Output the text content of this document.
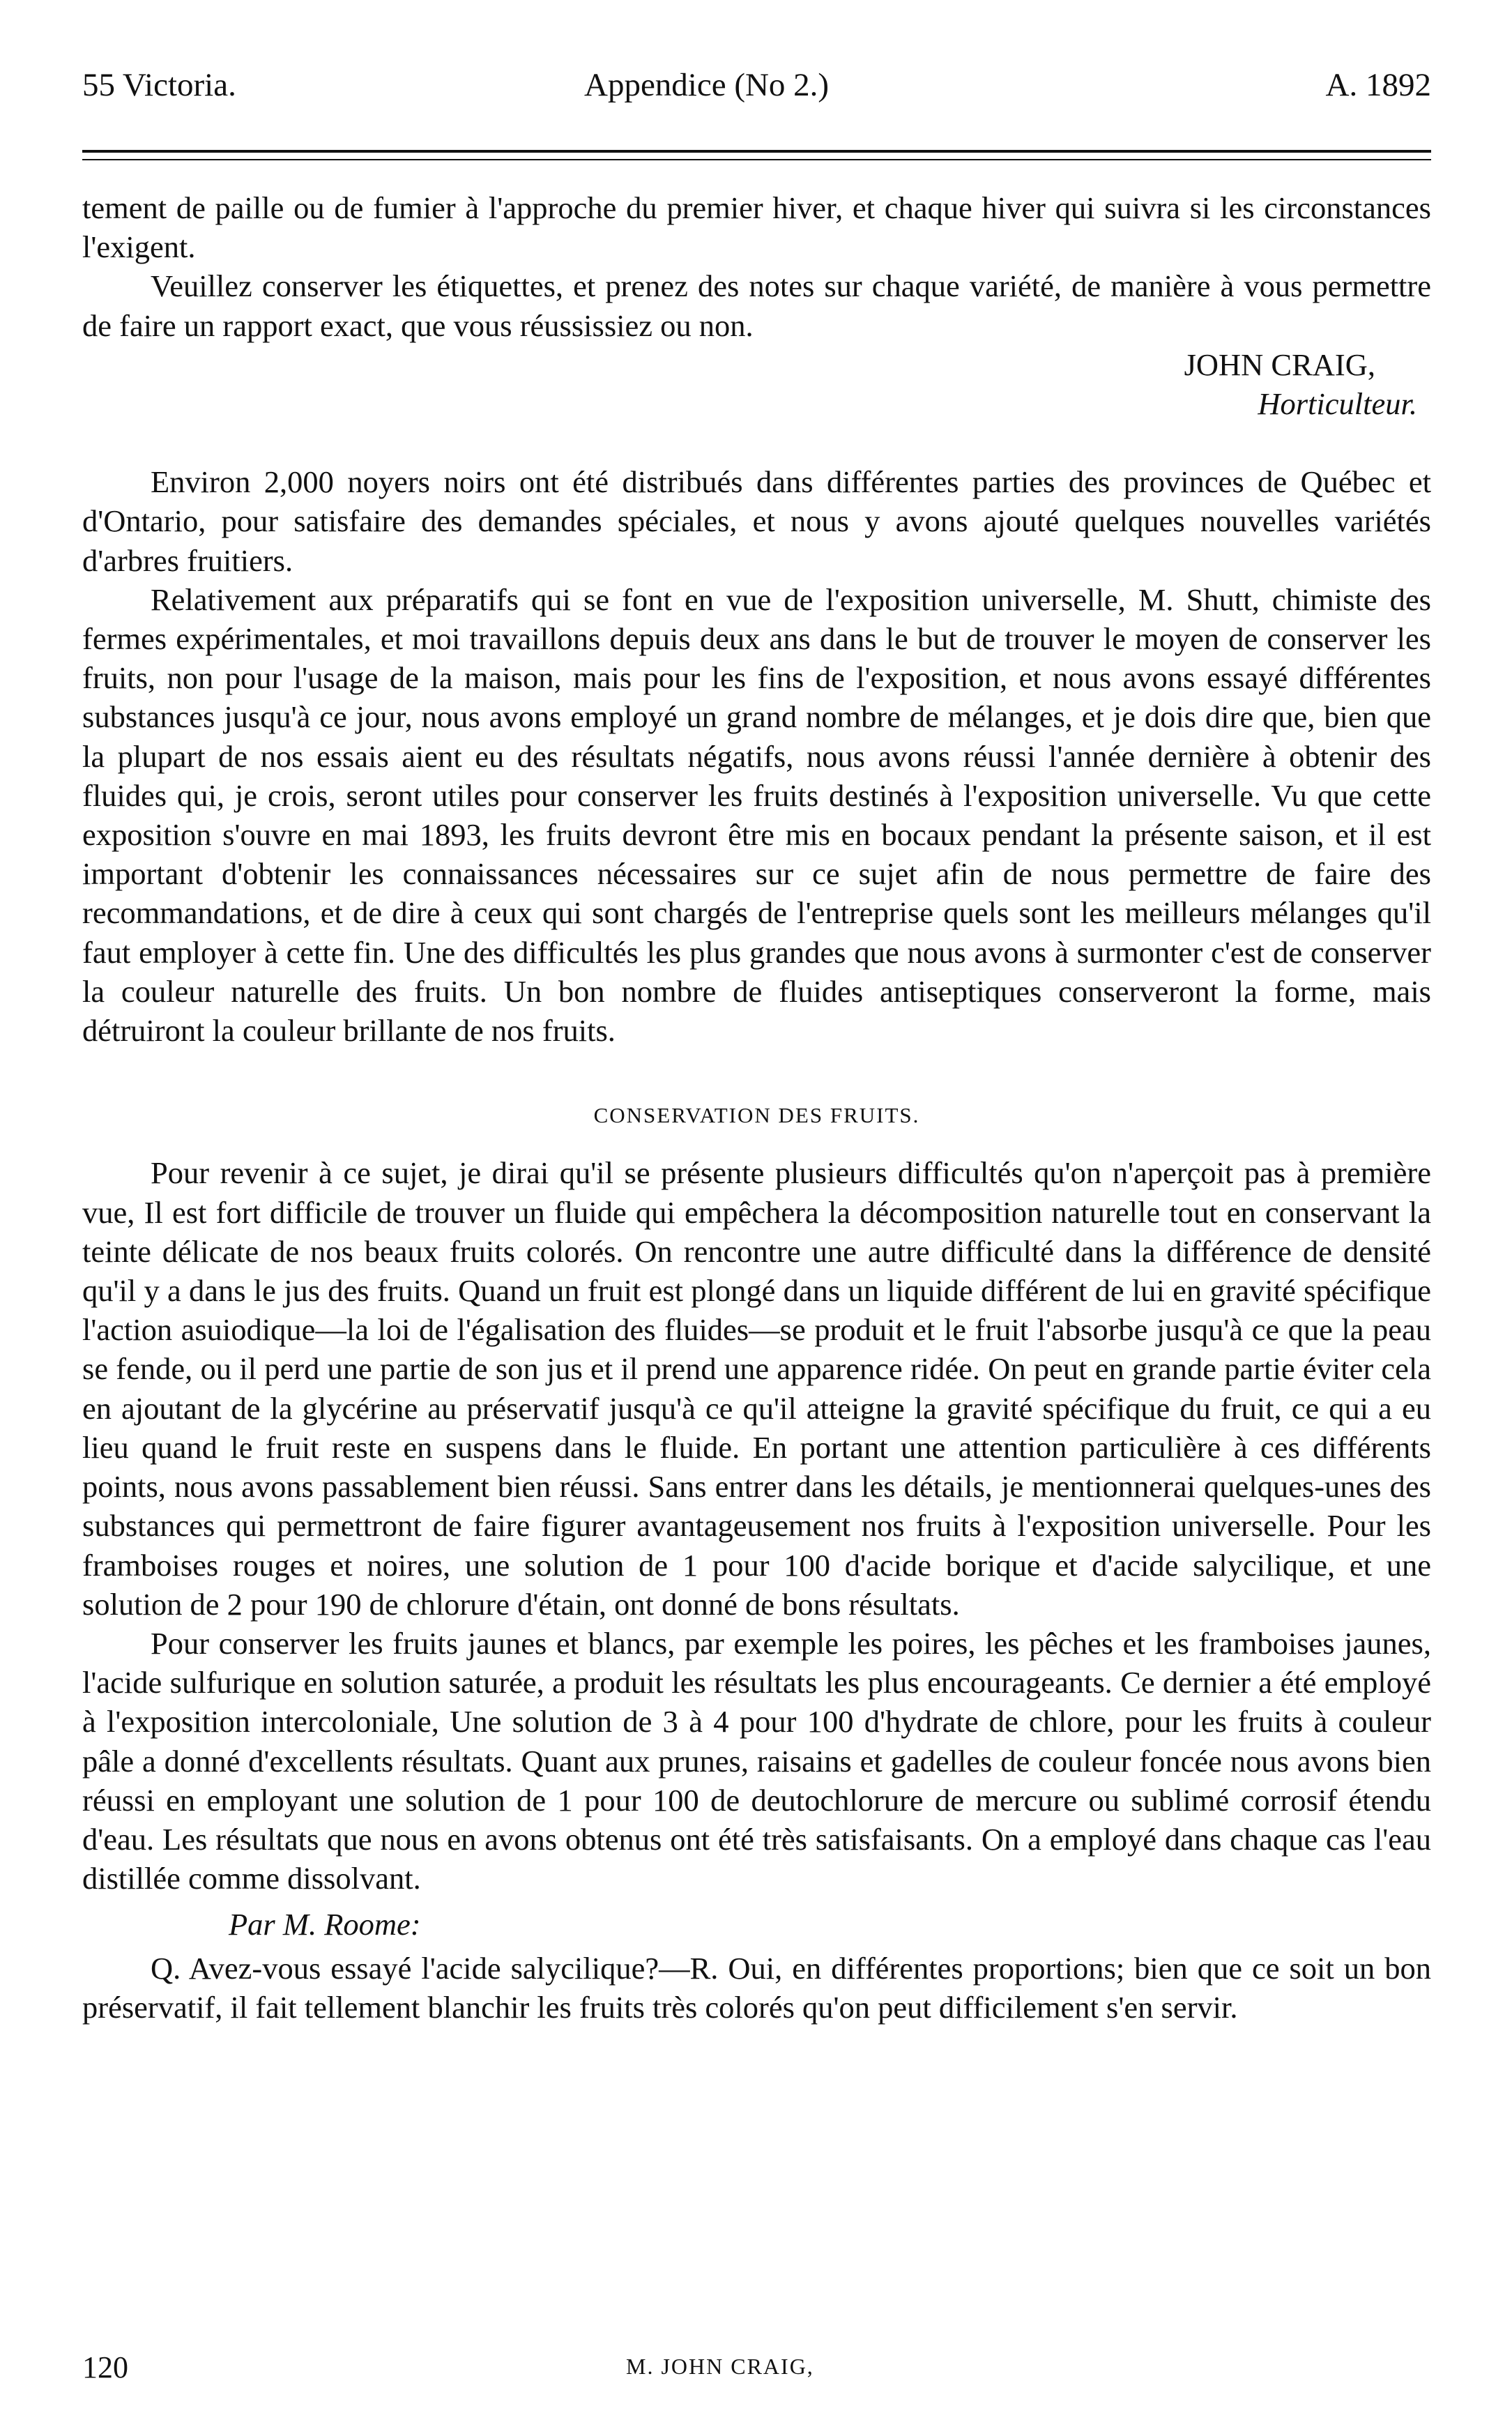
55 Victoria.	Appendice (No 2.)	A. 1892

tement de paille ou de fumier à l'approche du premier hiver, et chaque hiver qui suivra si les circonstances l'exigent.

Veuillez conserver les étiquettes, et prenez des notes sur chaque variété, de manière à vous permettre de faire un rapport exact, que vous réussissiez ou non.

JOHN CRAIG,

Horticulteur.

Environ 2,000 noyers noirs ont été distribués dans différentes parties des provinces de Québec et d'Ontario, pour satisfaire des demandes spéciales, et nous y avons ajouté quelques nouvelles variétés d'arbres fruitiers.

Relativement aux préparatifs qui se font en vue de l'exposition universelle, M. Shutt, chimiste des fermes expérimentales, et moi travaillons depuis deux ans dans le but de trouver le moyen de conserver les fruits, non pour l'usage de la maison, mais pour les fins de l'exposition, et nous avons essayé différentes substances jusqu'à ce jour, nous avons employé un grand nombre de mélanges, et je dois dire que, bien que la plupart de nos essais aient eu des résultats négatifs, nous avons réussi l'année dernière à obtenir des fluides qui, je crois, seront utiles pour conserver les fruits destinés à l'exposition universelle. Vu que cette exposition s'ouvre en mai 1893, les fruits devront être mis en bocaux pendant la présente saison, et il est important d'obtenir les connaissances nécessaires sur ce sujet afin de nous permettre de faire des recommandations, et de dire à ceux qui sont chargés de l'entreprise quels sont les meilleurs mélanges qu'il faut employer à cette fin. Une des difficultés les plus grandes que nous avons à surmonter c'est de conserver la couleur naturelle des fruits. Un bon nombre de fluides antiseptiques conserveront la forme, mais détruiront la couleur brillante de nos fruits.

CONSERVATION DES FRUITS.

Pour revenir à ce sujet, je dirai qu'il se présente plusieurs difficultés qu'on n'aperçoit pas à première vue, Il est fort difficile de trouver un fluide qui empêchera la décomposition naturelle tout en conservant la teinte délicate de nos beaux fruits colorés. On rencontre une autre difficulté dans la différence de densité qu'il y a dans le jus des fruits. Quand un fruit est plongé dans un liquide différent de lui en gravité spécifique l'action asuiodique—la loi de l'égalisation des fluides—se produit et le fruit l'absorbe jusqu'à ce que la peau se fende, ou il perd une partie de son jus et il prend une apparence ridée. On peut en grande partie éviter cela en ajoutant de la glycérine au préservatif jusqu'à ce qu'il atteigne la gravité spécifique du fruit, ce qui a eu lieu quand le fruit reste en suspens dans le fluide. En portant une attention particulière à ces différents points, nous avons passablement bien réussi. Sans entrer dans les détails, je mentionnerai quelques-unes des substances qui permettront de faire figurer avantageusement nos fruits à l'exposition universelle. Pour les framboises rouges et noires, une solution de 1 pour 100 d'acide borique et d'acide salycilique, et une solution de 2 pour 190 de chlorure d'étain, ont donné de bons résultats.

Pour conserver les fruits jaunes et blancs, par exemple les poires, les pêches et les framboises jaunes, l'acide sulfurique en solution saturée, a produit les résultats les plus encourageants. Ce dernier a été employé à l'exposition intercoloniale, Une solution de 3 à 4 pour 100 d'hydrate de chlore, pour les fruits à couleur pâle a donné d'excellents résultats. Quant aux prunes, raisains et gadelles de couleur foncée nous avons bien réussi en employant une solution de 1 pour 100 de deutochlorure de mercure ou sublimé corrosif étendu d'eau. Les résultats que nous en avons obtenus ont été très satisfaisants. On a employé dans chaque cas l'eau distillée comme dissolvant.

Par M. Roome:

Q. Avez-vous essayé l'acide salycilique?—R. Oui, en différentes proportions; bien que ce soit un bon préservatif, il fait tellement blanchir les fruits très colorés qu'on peut difficilement s'en servir.

120	M. JOHN CRAIG,
